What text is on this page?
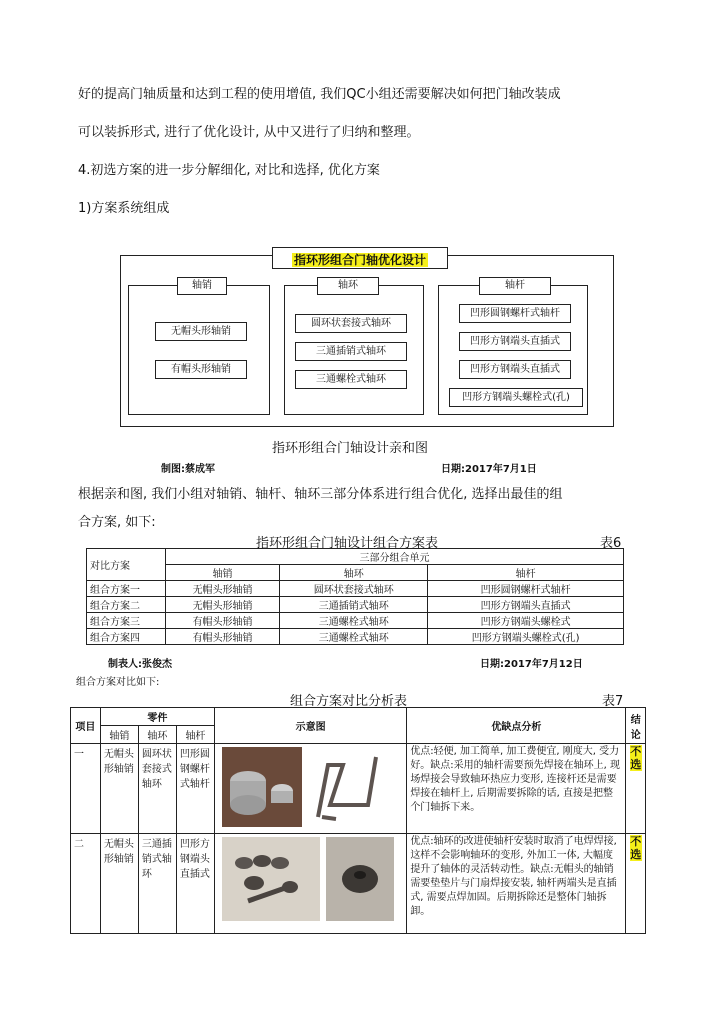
好的提高门轴质量和达到工程的使用增值, 我们QC小组还需要解决如何把门轴改装成
可以装拆形式, 进行了优化设计, 从中又进行了归纳和整理。
4.初选方案的进一步分解细化, 对比和选择, 优化方案
1)方案系统组成
指环形组合门轴优化设计
轴销
无帽头形轴销
有帽头形轴销
轴环
圆环状套接式轴环
三通插销式轴环
三通螺栓式轴环
轴杆
凹形圆钢螺杆式轴杆
凹形方钢端头直插式
凹形方钢端头直插式
凹形方钢端头螺栓式(孔)
指环形组合门轴设计亲和图
制图:蔡成军	日期:2017年7月1日
根据亲和图, 我们小组对轴销、轴杆、轴环三部分体系进行组合优化, 选择出最佳的组
合方案, 如下:
指环形组合门轴设计组合方案表	表6
对比方案	三部分组合单元		
	轴销	轴环	轴杆
组合方案一	无帽头形轴销	圆环状套接式轴环	凹形圆钢螺杆式轴杆
组合方案二	无帽头形轴销	三通插销式轴环	凹形方钢端头直插式
组合方案三	有帽头形轴销	三通螺栓式轴环	凹形方钢端头螺栓式
组合方案四	有帽头形轴销	三通螺栓式轴环	凹形方钢端头螺栓式(孔)
制表人:张俊杰	日期:2017年7月12日
组合方案对比如下:
组合方案对比分析表	表7
项目	零件			示意图	优缺点分析	结论
	轴销	轴环	轴杆			
一	无帽头形轴销	圆环状套接式轴环	凹形圆钢螺杆式轴杆		优点:轻便, 加工简单, 加工费便宜, 刚度大, 受力好。缺点:采用的轴杆需要预先焊接在轴环上, 现场焊接会导致轴环热应力变形, 连接杆还是需要焊接在轴杆上, 后期需要拆除的话, 直接是把整个门轴拆下来。	不选
二	无帽头形轴销	三通插销式轴环	凹形方钢端头直插式		优点:轴环的改进使轴杆安装时取消了电焊焊接, 这样不会影响轴环的变形, 外加工一体, 大幅度提升了轴体的灵活转动性。缺点:无帽头的轴销需要垫垫片与门扇焊接安装, 轴杆两端头是直插式, 需要点焊加固。后期拆除还是整体门轴拆卸。	不选
